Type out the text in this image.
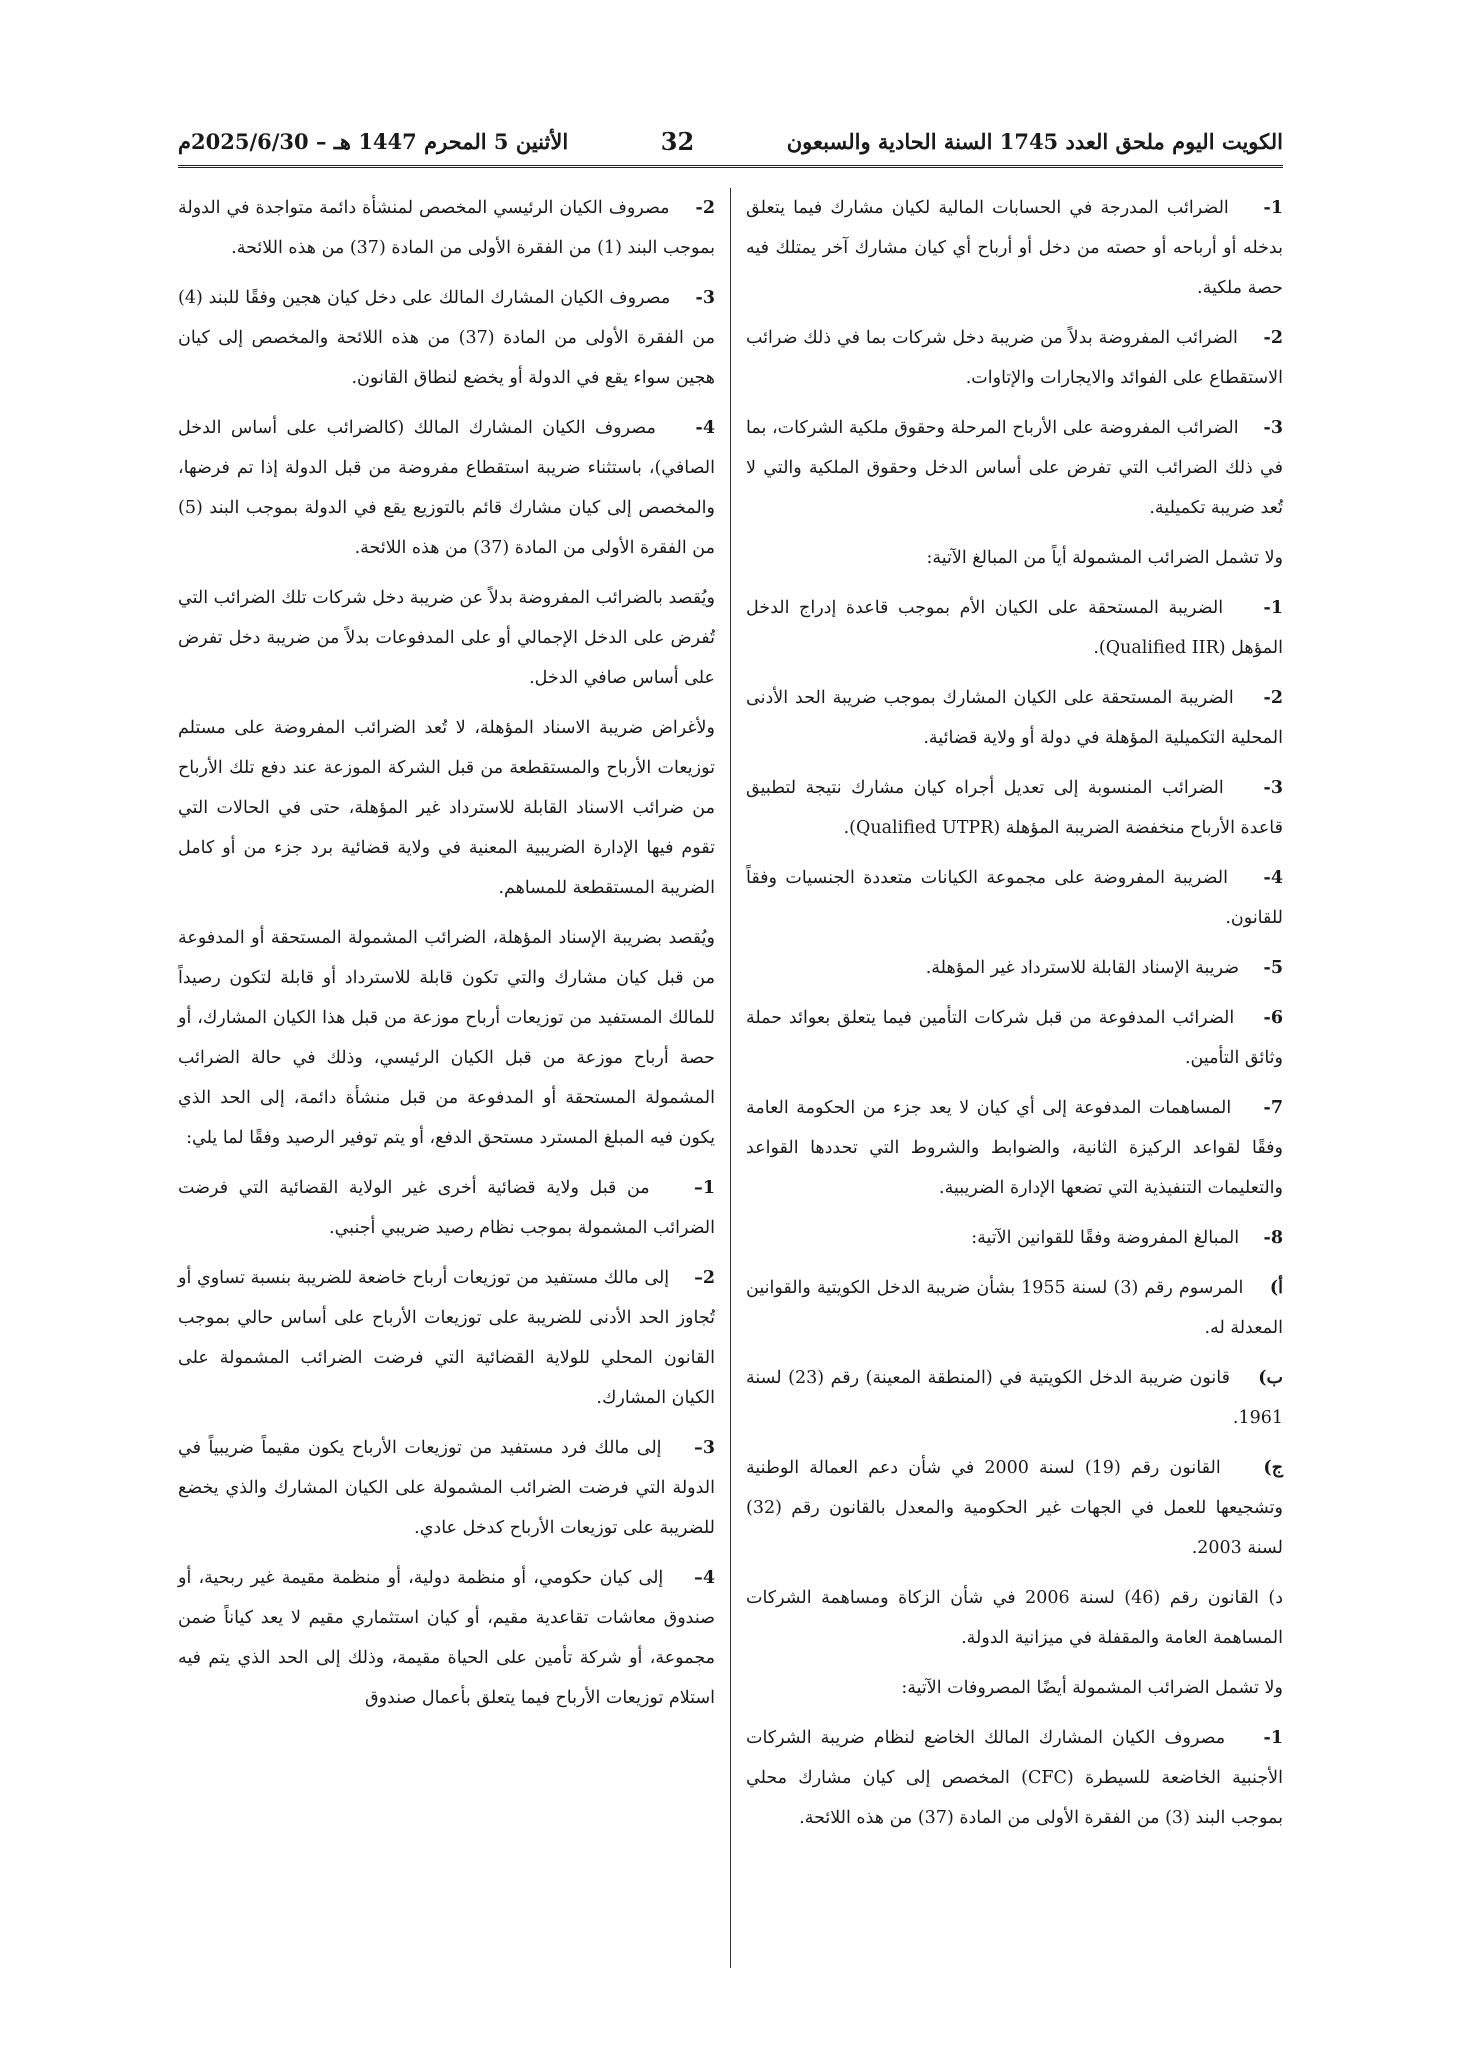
الكويت اليوم ملحق العدد 1745 السنة الحادية والسبعون
32
الأثنين 5 المحرم 1447 هـ – 2025/6/30م

1-    الضرائب المدرجة في الحسابات المالية لكيان مشارك فيما يتعلق بدخله أو أرباحه أو حصته من دخل أو أرباح أي كيان مشارك آخر يمتلك فيه حصة ملكية.

2-    الضرائب المفروضة بدلاً من ضريبة دخل شركات بما في ذلك ضرائب الاستقطاع على الفوائد والايجارات والإتاوات.

3-    الضرائب المفروضة على الأرباح المرحلة وحقوق ملكية الشركات، بما في ذلك الضرائب التي تفرض على أساس الدخل وحقوق الملكية والتي لا تُعد ضريبة تكميلية.

ولا تشمل الضرائب المشمولة أياً من المبالغ الآتية:

1-    الضريبة المستحقة على الكيان الأم بموجب قاعدة إدراج الدخل المؤهل (Qualified IIR).

2-    الضريبة المستحقة على الكيان المشارك بموجب ضريبة الحد الأدنى المحلية التكميلية المؤهلة في دولة أو ولاية قضائية.

3-    الضرائب المنسوبة إلى تعديل أجراه كيان مشارك نتيجة لتطبيق قاعدة الأرباح منخفضة الضريبة المؤهلة (Qualified UTPR).

4-    الضريبة المفروضة على مجموعة الكيانات متعددة الجنسيات وفقاً للقانون.

5-    ضريبة الإسناد القابلة للاسترداد غير المؤهلة.

6-    الضرائب المدفوعة من قبل شركات التأمين فيما يتعلق بعوائد حملة وثائق التأمين.

7-    المساهمات المدفوعة إلى أي كيان لا يعد جزء من الحكومة العامة وفقًا لقواعد الركيزة الثانية، والضوابط والشروط التي تحددها القواعد والتعليمات التنفيذية التي تضعها الإدارة الضريبية.

8-    المبالغ المفروضة وفقًا للقوانين الآتية:

أ)    المرسوم رقم (3) لسنة 1955 بشأن ضريبة الدخل الكويتية والقوانين المعدلة له.

ب)    قانون ضريبة الدخل الكويتية في (المنطقة المعينة) رقم (23) لسنة 1961.

ج)    القانون رقم (19) لسنة 2000 في شأن دعم العمالة الوطنية وتشجيعها للعمل في الجهات غير الحكومية والمعدل بالقانون رقم (32) لسنة 2003.

د) القانون رقم (46) لسنة 2006 في شأن الزكاة ومساهمة الشركات المساهمة العامة والمقفلة في ميزانية الدولة.

ولا تشمل الضرائب المشمولة أيضًا المصروفات الآتية:

1-    مصروف الكيان المشارك المالك الخاضع لنظام ضريبة الشركات الأجنبية الخاضعة للسيطرة (CFC) المخصص إلى كيان مشارك محلي بموجب البند (3) من الفقرة الأولى من المادة (37) من هذه اللائحة.

2-    مصروف الكيان الرئيسي المخصص لمنشأة دائمة متواجدة في الدولة بموجب البند (1) من الفقرة الأولى من المادة (37) من هذه اللائحة.

3-    مصروف الكيان المشارك المالك على دخل كيان هجين وفقًا للبند (4) من الفقرة الأولى من المادة (37) من هذه اللائحة والمخصص إلى كيان هجين سواء يقع في الدولة أو يخضع لنطاق القانون.

4-    مصروف الكيان المشارك المالك (كالضرائب على أساس الدخل الصافي)، باستثناء ضريبة استقطاع مفروضة من قبل الدولة إذا تم فرضها، والمخصص إلى كيان مشارك قائم بالتوزيع يقع في الدولة بموجب البند (5) من الفقرة الأولى من المادة (37) من هذه اللائحة.

ويُقصد بالضرائب المفروضة بدلاً عن ضريبة دخل شركات تلك الضرائب التي تُفرض على الدخل الإجمالي أو على المدفوعات بدلاً من ضريبة دخل تفرض على أساس صافي الدخل.

ولأغراض ضريبة الاسناد المؤهلة، لا تُعد الضرائب المفروضة على مستلم توزيعات الأرباح والمستقطعة من قبل الشركة الموزعة عند دفع تلك الأرباح من ضرائب الاسناد القابلة للاسترداد غير المؤهلة، حتى في الحالات التي تقوم فيها الإدارة الضريبية المعنية في ولاية قضائية برد جزء من أو كامل الضريبة المستقطعة للمساهم.

ويُقصد بضريبة الإسناد المؤهلة، الضرائب المشمولة المستحقة أو المدفوعة من قبل كيان مشارك والتي تكون قابلة للاسترداد أو قابلة لتكون رصيداً للمالك المستفيد من توزيعات أرباح موزعة من قبل هذا الكيان المشارك، أو حصة أرباح موزعة من قبل الكيان الرئيسي، وذلك في حالة الضرائب المشمولة المستحقة أو المدفوعة من قبل منشأة دائمة، إلى الحد الذي يكون فيه المبلغ المسترد مستحق الدفع، أو يتم توفير الرصيد وفقًا لما يلي:

1–    من قبل ولاية قضائية أخرى غير الولاية القضائية التي فرضت الضرائب المشمولة بموجب نظام رصيد ضريبي أجنبي.

2–    إلى مالك مستفيد من توزيعات أرباح خاضعة للضريبة بنسبة تساوي أو تُجاوز الحد الأدنى للضريبة على توزيعات الأرباح على أساس حالي بموجب القانون المحلي للولاية القضائية التي فرضت الضرائب المشمولة على الكيان المشارك.

3–    إلى مالك فرد مستفيد من توزيعات الأرباح يكون مقيماً ضريبياً في الدولة التي فرضت الضرائب المشمولة على الكيان المشارك والذي يخضع للضريبة على توزيعات الأرباح كدخل عادي.

4–    إلى كيان حكومي، أو منظمة دولية، أو منظمة مقيمة غير ربحية، أو صندوق معاشات تقاعدية مقيم، أو كيان استثماري مقيم لا يعد كياناً ضمن مجموعة، أو شركة تأمين على الحياة مقيمة، وذلك إلى الحد الذي يتم فيه استلام توزيعات الأرباح فيما يتعلق بأعمال صندوق
